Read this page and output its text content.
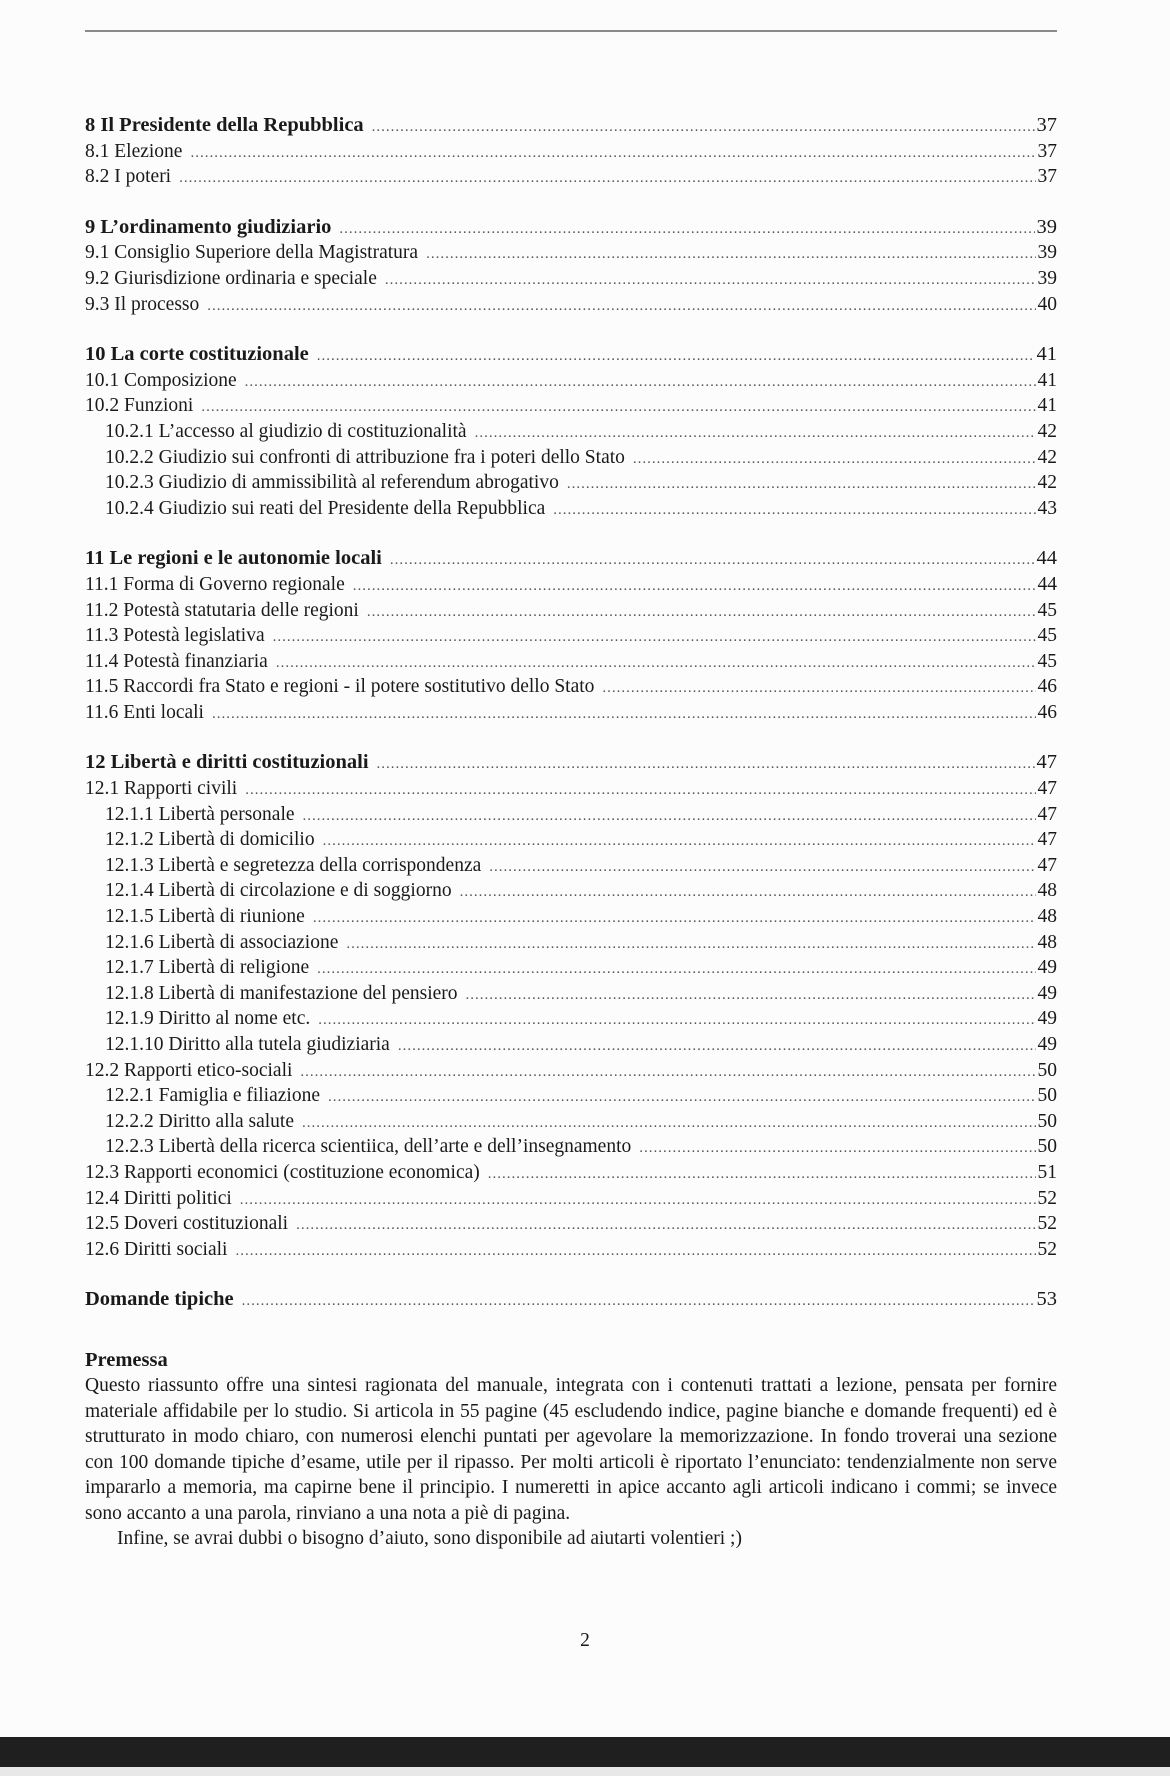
8 Il Presidente della Repubblica .....	37
8.1 Elezione .....	37
8.2 I poteri .....	37
9 L’ordinamento giudiziario .....	39
9.1 Consiglio Superiore della Magistratura .....	39
9.2 Giurisdizione ordinaria e speciale .....	39
9.3 Il processo .....	40
10 La corte costituzionale .....	41
10.1 Composizione .....	41
10.2 Funzioni .....	41
10.2.1 L’accesso al giudizio di costituzionalità .....	42
10.2.2 Giudizio sui confronti di attribuzione fra i poteri dello Stato .....	42
10.2.3 Giudizio di ammissibilità al referendum abrogativo .....	42
10.2.4 Giudizio sui reati del Presidente della Repubblica .....	43
11 Le regioni e le autonomie locali .....	44
11.1 Forma di Governo regionale .....	44
11.2 Potestà statutaria delle regioni .....	45
11.3 Potestà legislativa .....	45
11.4 Potestà finanziaria .....	45
11.5 Raccordi fra Stato e regioni - il potere sostitutivo dello Stato .....	46
11.6 Enti locali .....	46
12 Libertà e diritti costituzionali .....	47
12.1 Rapporti civili .....	47
12.1.1 Libertà personale .....	47
12.1.2 Libertà di domicilio .....	47
12.1.3 Libertà e segretezza della corrispondenza .....	47
12.1.4 Libertà di circolazione e di soggiorno .....	48
12.1.5 Libertà di riunione .....	48
12.1.6 Libertà di associazione .....	48
12.1.7 Libertà di religione .....	49
12.1.8 Libertà di manifestazione del pensiero .....	49
12.1.9 Diritto al nome etc. .....	49
12.1.10 Diritto alla tutela giudiziaria .....	49
12.2 Rapporti etico-sociali .....	50
12.2.1 Famiglia e filiazione .....	50
12.2.2 Diritto alla salute .....	50
12.2.3 Libertà della ricerca scientiica, dell’arte e dell’insegnamento .....	50
12.3 Rapporti economici (costituzione economica) .....	51
12.4 Diritti politici .....	52
12.5 Doveri costituzionali .....	52
12.6 Diritti sociali .....	52
Domande tipiche .....	53
Premessa

Questo riassunto offre una sintesi ragionata del manuale, integrata con i contenuti trattati a lezione, pensata per fornire materiale affidabile per lo studio. Si articola in 55 pagine (45 escludendo indice, pagine bianche e domande frequenti) ed è strutturato in modo chiaro, con numerosi elenchi puntati per agevolare la memorizzazione. In fondo troverai una sezione con 100 domande tipiche d’esame, utile per il ripasso. Per molti articoli è riportato l’enunciato: tendenzialmente non serve impararlo a memoria, ma capirne bene il principio. I numeretti in apice accanto agli articoli indicano i commi; se invece sono accanto a una parola, rinviano a una nota a piè di pagina.

Infine, se avrai dubbi o bisogno d’aiuto, sono disponibile ad aiutarti volentieri ;)

2
